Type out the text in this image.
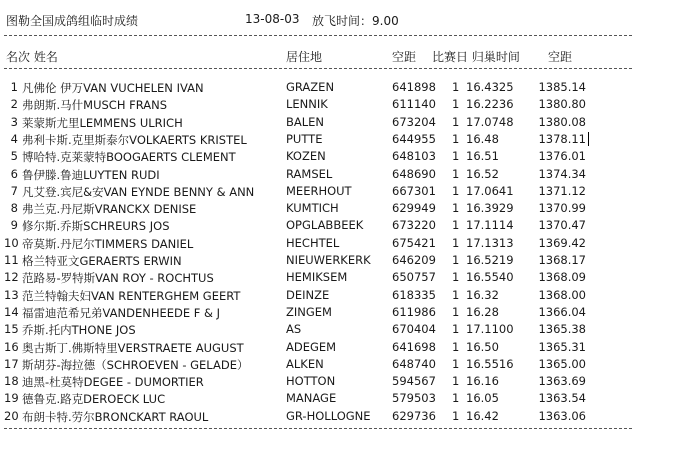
图勒全国成鸽组临时成绩	13-08-03 放飞时间：9.00
名次 姓名	居住地	空距 比赛日 归巢时间 空距
1 凡佛伦 伊万VAN VUCHELEN IVAN	GRAZEN	641898 1 16.4325 1385.14
2 弗朗斯.马什MUSCH FRANS	LENNIK	611140 1 16.2236 1380.80
3 莱蒙斯尤里LEMMENS ULRICH	BALEN	673204 1 17.0748 1380.08
4 弗利卡斯.克里斯泰尔VOLKAERTS KRISTEL	PUTTE	644955 1 16.48	1378.11
5 博哈特.克莱蒙特BOOGAERTS CLEMENT	KOZEN	648103 1 16.51	1376.01
6 鲁伊滕.鲁迪LUYTEN RUDI	RAMSEL	648690 1 16.52	1374.34
7 凡艾登.宾尼&安VAN EYNDE BENNY & ANN	MEERHOUT	667301 1 17.0641 1371.12
8 弗兰克.丹尼斯VRANCKX DENISE	KUMTICH	629949 1 16.3929 1370.99
9 修尔斯.乔斯SCHREURS JOS	OPGLABBEEK	673220 1 17.1114 1370.47
10 帝莫斯.丹尼尔TIMMERS DANIEL	HECHTEL	675421 1 17.1313 1369.42
11 格兰特亚文GERAERTS ERWIN	NIEUWERKERK	646209 1 16.5219 1368.17
12 范路易-罗特斯VAN ROY - ROCHTUS	HEMIKSEM	650757 1 16.5540 1368.09
13 范兰特翰夫妇VAN RENTERGHEM GEERT	DEINZE	618335 1 16.32	1368.00
14 福雷迪范希兄弟VANDENHEEDE F & J	ZINGEM	611986 1 16.28	1366.04
15 乔斯.托内THONE JOS	AS	670404 1 17.1100 1365.38
16 奥古斯丁.佛斯特里VERSTRAETE AUGUST	ADEGEM	641698 1 16.50	1365.31
17 斯胡芬-海拉德（SCHROEVEN - GELADE）	ALKEN	648740 1 16.5516 1365.00
18 迪黑-杜莫特DEGEE - DUMORTIER	HOTTON	594567 1 16.16	1363.69
19 德鲁克.路克DEROECK LUC	MANAGE	579503 1 16.05	1363.54
20 布朗卡特.劳尔BRONCKART RAOUL	GR-HOLLOGNE	629736 1 16.42	1363.06
